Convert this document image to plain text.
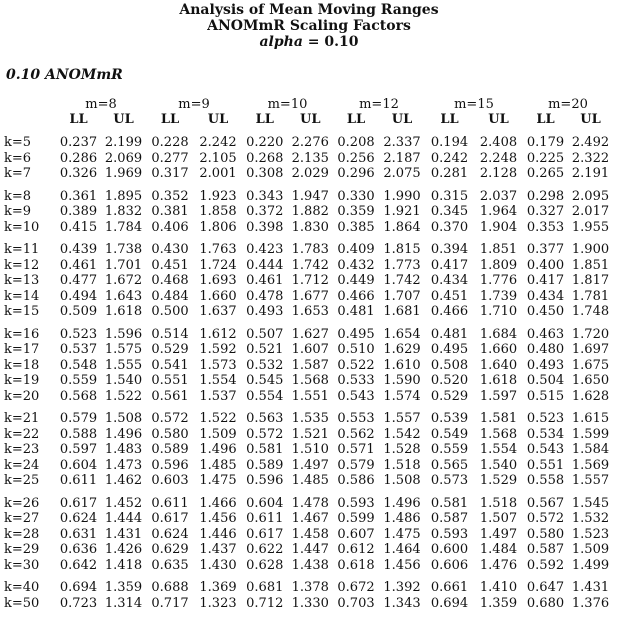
Analysis of Mean Moving Ranges
ANOMmR Scaling Factors
alpha = 0.10
0.10 ANOMmR
	m=8		m=9		m=10		m=12		m=15		m=20	
	LL	UL	LL	UL	LL	UL	LL	UL	LL	UL	LL	UL
k=5	0.237	2.199	0.228	2.242	0.220	2.276	0.208	2.337	0.194	2.408	0.179	2.492
k=6	0.286	2.069	0.277	2.105	0.268	2.135	0.256	2.187	0.242	2.248	0.225	2.322
k=7	0.326	1.969	0.317	2.001	0.308	2.029	0.296	2.075	0.281	2.128	0.265	2.191
k=8	0.361	1.895	0.352	1.923	0.343	1.947	0.330	1.990	0.315	2.037	0.298	2.095
k=9	0.389	1.832	0.381	1.858	0.372	1.882	0.359	1.921	0.345	1.964	0.327	2.017
k=10	0.415	1.784	0.406	1.806	0.398	1.830	0.385	1.864	0.370	1.904	0.353	1.955
k=11	0.439	1.738	0.430	1.763	0.423	1.783	0.409	1.815	0.394	1.851	0.377	1.900
k=12	0.461	1.701	0.451	1.724	0.444	1.742	0.432	1.773	0.417	1.809	0.400	1.851
k=13	0.477	1.672	0.468	1.693	0.461	1.712	0.449	1.742	0.434	1.776	0.417	1.817
k=14	0.494	1.643	0.484	1.660	0.478	1.677	0.466	1.707	0.451	1.739	0.434	1.781
k=15	0.509	1.618	0.500	1.637	0.493	1.653	0.481	1.681	0.466	1.710	0.450	1.748
k=16	0.523	1.596	0.514	1.612	0.507	1.627	0.495	1.654	0.481	1.684	0.463	1.720
k=17	0.537	1.575	0.529	1.592	0.521	1.607	0.510	1.629	0.495	1.660	0.480	1.697
k=18	0.548	1.555	0.541	1.573	0.532	1.587	0.522	1.610	0.508	1.640	0.493	1.675
k=19	0.559	1.540	0.551	1.554	0.545	1.568	0.533	1.590	0.520	1.618	0.504	1.650
k=20	0.568	1.522	0.561	1.537	0.554	1.551	0.543	1.574	0.529	1.597	0.515	1.628
k=21	0.579	1.508	0.572	1.522	0.563	1.535	0.553	1.557	0.539	1.581	0.523	1.615
k=22	0.588	1.496	0.580	1.509	0.572	1.521	0.562	1.542	0.549	1.568	0.534	1.599
k=23	0.597	1.483	0.589	1.496	0.581	1.510	0.571	1.528	0.559	1.554	0.543	1.584
k=24	0.604	1.473	0.596	1.485	0.589	1.497	0.579	1.518	0.565	1.540	0.551	1.569
k=25	0.611	1.462	0.603	1.475	0.596	1.485	0.586	1.508	0.573	1.529	0.558	1.557
k=26	0.617	1.452	0.611	1.466	0.604	1.478	0.593	1.496	0.581	1.518	0.567	1.545
k=27	0.624	1.444	0.617	1.456	0.611	1.467	0.599	1.486	0.587	1.507	0.572	1.532
k=28	0.631	1.431	0.624	1.446	0.617	1.458	0.607	1.475	0.593	1.497	0.580	1.523
k=29	0.636	1.426	0.629	1.437	0.622	1.447	0.612	1.464	0.600	1.484	0.587	1.509
k=30	0.642	1.418	0.635	1.430	0.628	1.438	0.618	1.456	0.606	1.476	0.592	1.499
k=40	0.694	1.359	0.688	1.369	0.681	1.378	0.672	1.392	0.661	1.410	0.647	1.431
k=50	0.723	1.314	0.717	1.323	0.712	1.330	0.703	1.343	0.694	1.359	0.680	1.376
